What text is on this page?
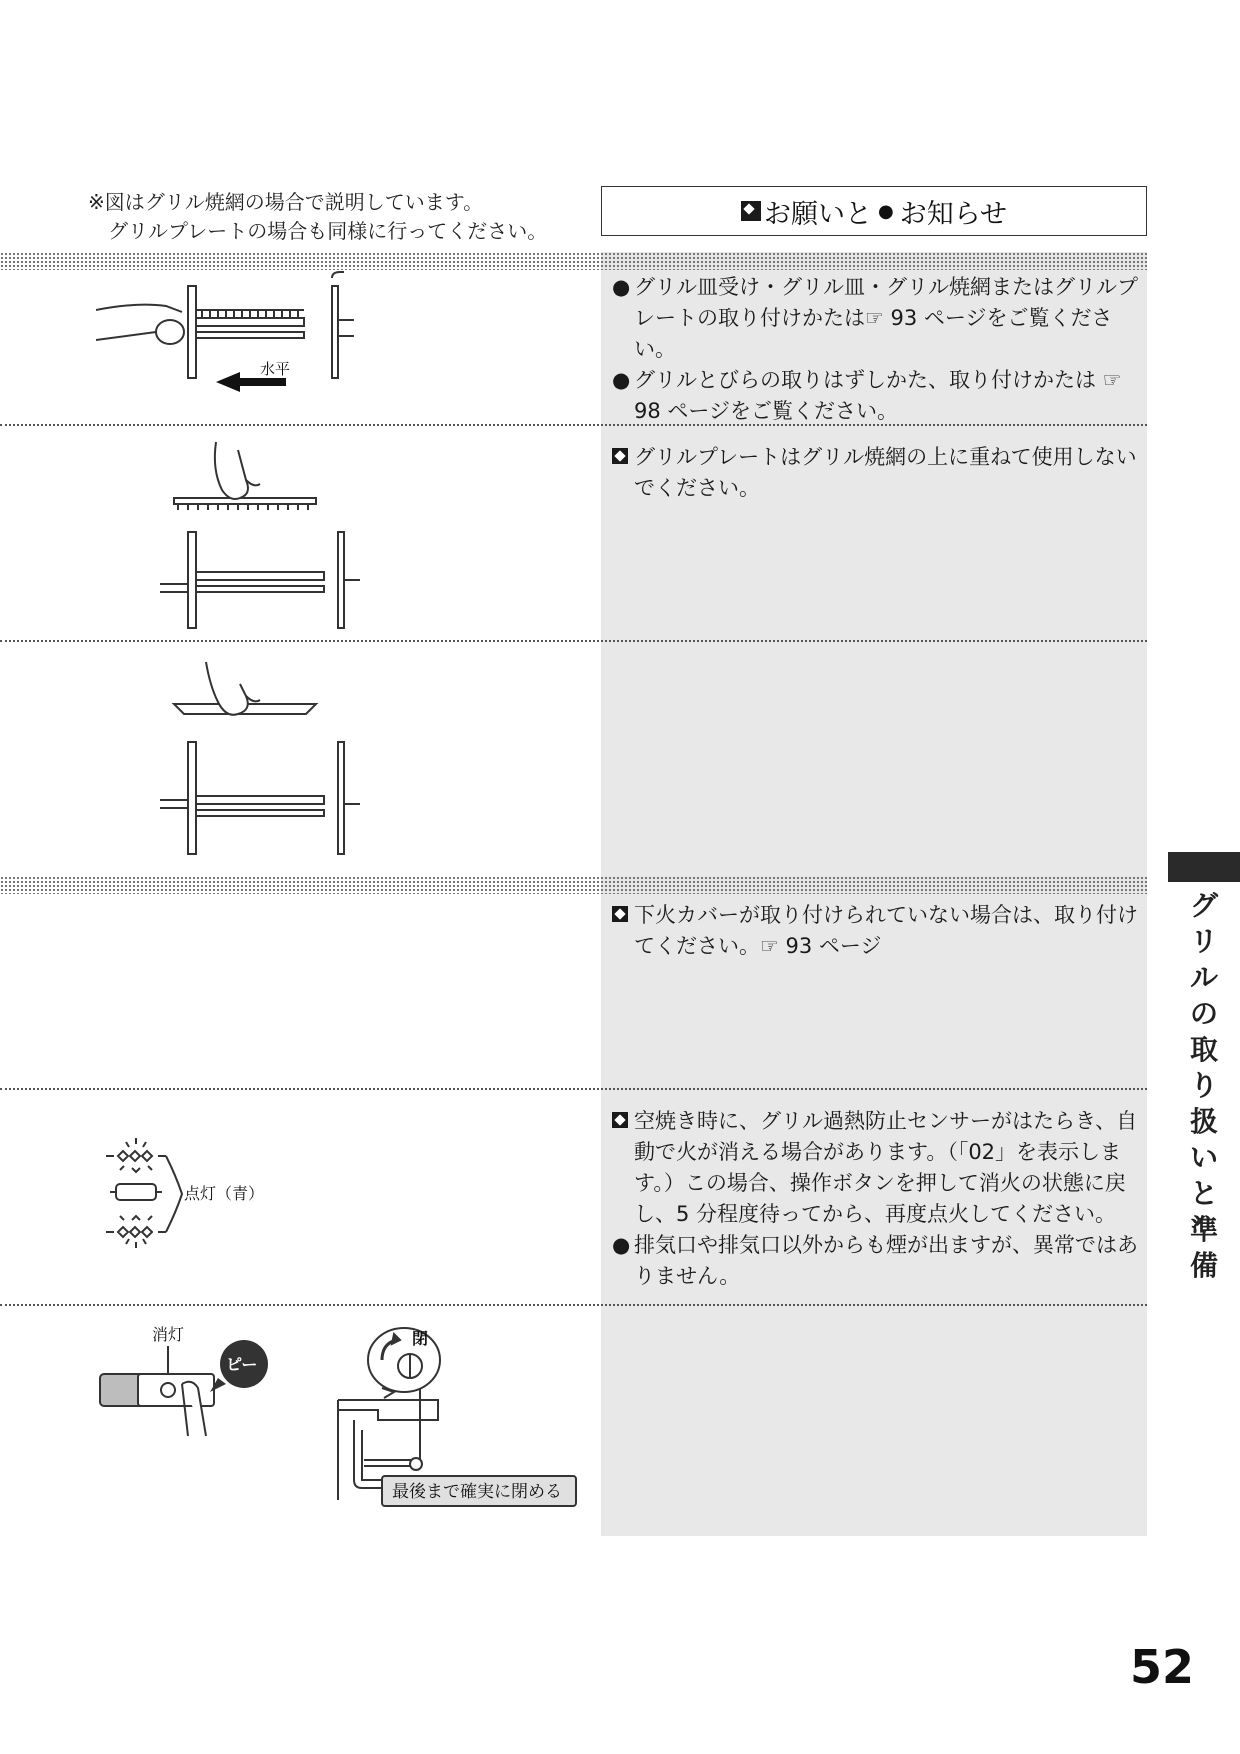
※図はグリル焼網の場合で説明しています。
グリルプレートの場合も同様に行ってください。
お願いと ● お知らせ
水平
● グリル皿受け・グリル皿・グリル焼網またはグリルプレートの取り付けかたは☞ 93 ページをご覧ください。
● グリルとびらの取りはずしかた、取り付けかたは ☞ 98 ページをご覧ください。
グリルプレートはグリル焼網の上に重ねて使用しないでください。
下火カバーが取り付けられていない場合は、取り付けてください。☞ 93 ページ
点灯（青）
空焼き時に、グリル過熱防止センサーがはたらき、自動で火が消える場合があります。（「02」を表示します。）この場合、操作ボタンを押して消火の状態に戻し、5 分程度待ってから、再度点火してください。
● 排気口や排気口以外からも煙が出ますが、異常ではありません。
消灯
ピー
閉
最後まで確実に閉める
グ
リ
ル
の
取
り
扱
い
と
準
備
52
